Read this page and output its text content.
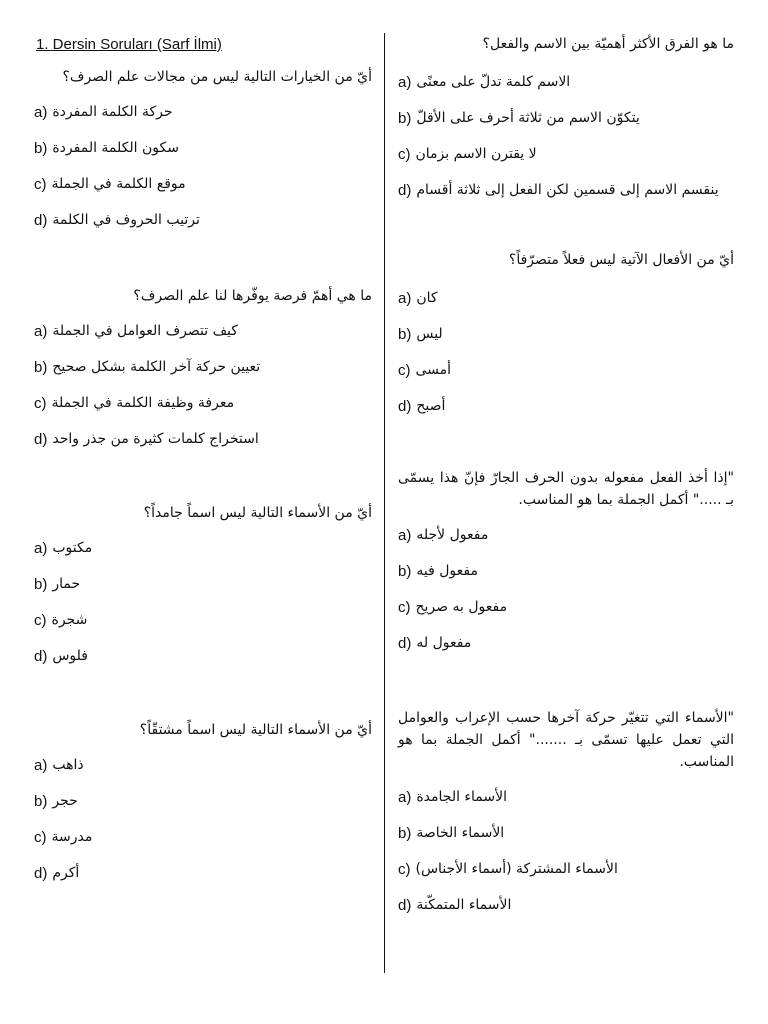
1. Dersin Soruları (Sarf İlmi)

أيّ من الخيارات التالية ليس من مجالات علم الصرف؟

a) حركة الكلمة المفردة
b) سكون الكلمة المفردة
c) موقع الكلمة في الجملة
d) ترتيب الحروف في الكلمة

ما هي أهمّ فرصة يوفّرها لنا علم الصرف؟

a) كيف تتصرف العوامل في الجملة
b) تعيين حركة آخر الكلمة بشكل صحيح
c) معرفة وظيفة الكلمة في الجملة
d) استخراج كلمات كثيرة من جذر واحد

أيّ من الأسماء التالية ليس اسماً جامداً؟

a) مكتوب
b) حمار
c) شجرة
d) فلوس

أيّ من الأسماء التالية ليس اسماً مشتقّاً؟

a) ذاهب
b) حجر
c) مدرسة
d) أكرم

ما هو الفرق الأكثر أهميّة بين الاسم والفعل؟

a) الاسم كلمة تدلّ على معنًى
b) يتكوّن الاسم من ثلاثة أحرف على الأقلّ
c) لا يقترن الاسم بزمان
d) ينقسم الاسم إلى قسمين لكن الفعل إلى ثلاثة أقسام

أيّ من الأفعال الآتية ليس فعلاً متصرّفاً؟

a) كان
b) ليس
c) أمسى
d) أصبح

"إذا أخذ الفعل مفعوله بدون الحرف الجارّ فإنّ هذا يسمّى بـ ....." أكمل الجملة بما هو المناسب.

a) مفعول لأجله
b) مفعول فيه
c) مفعول به صريح
d) مفعول له

"الأسماء التي تتغيّر حركة آخرها حسب الإعراب والعوامل التي تعمل عليها تسمّى بـ ......." أكمل الجملة بما هو المناسب.

a) الأسماء الجامدة
b) الأسماء الخاصة
c) الأسماء المشتركة (أسماء الأجناس)
d) الأسماء المتمكّنة
